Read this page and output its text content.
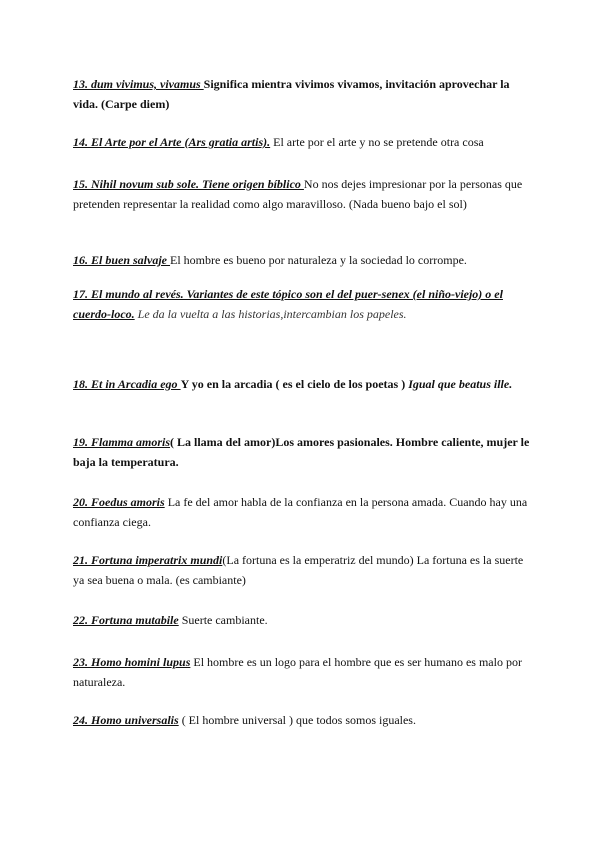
13. dum vivimus, vivamus Significa mientra vivimos vivamos, invitación aprovechar la vida. (Carpe diem)
14. El Arte por el Arte (Ars gratia artis). El arte por el arte y no se pretende otra cosa
15. Nihil novum sub sole. Tiene origen bíblico No nos dejes impresionar por la personas que pretenden representar la realidad como algo maravilloso. (Nada bueno bajo el sol)
16. El buen salvaje El hombre es bueno por naturaleza y la sociedad lo corrompe.
17. El mundo al revés. Variantes de este tópico son el del puer-senex (el niño-viejo) o el cuerdo-loco. Le da la vuelta a las historias,intercambian los papeles.
18. Et in Arcadia ego Y yo en la arcadia ( es el cielo de los poetas ) Igual que beatus ille.
19. Flamma amoris( La llama del amor)Los amores pasionales. Hombre caliente, mujer le baja la temperatura.
20. Foedus amoris La fe del amor habla de la confianza en la persona amada. Cuando hay una confianza ciega.
21. Fortuna imperatrix mundi(La fortuna es la emperatriz del mundo) La fortuna es la suerte ya sea buena o mala. (es cambiante)
22. Fortuna mutabile Suerte cambiante.
23. Homo homini lupus El hombre es un logo para el hombre que es ser humano es malo por naturaleza.
24. Homo universalis ( El hombre universal ) que todos somos iguales.
